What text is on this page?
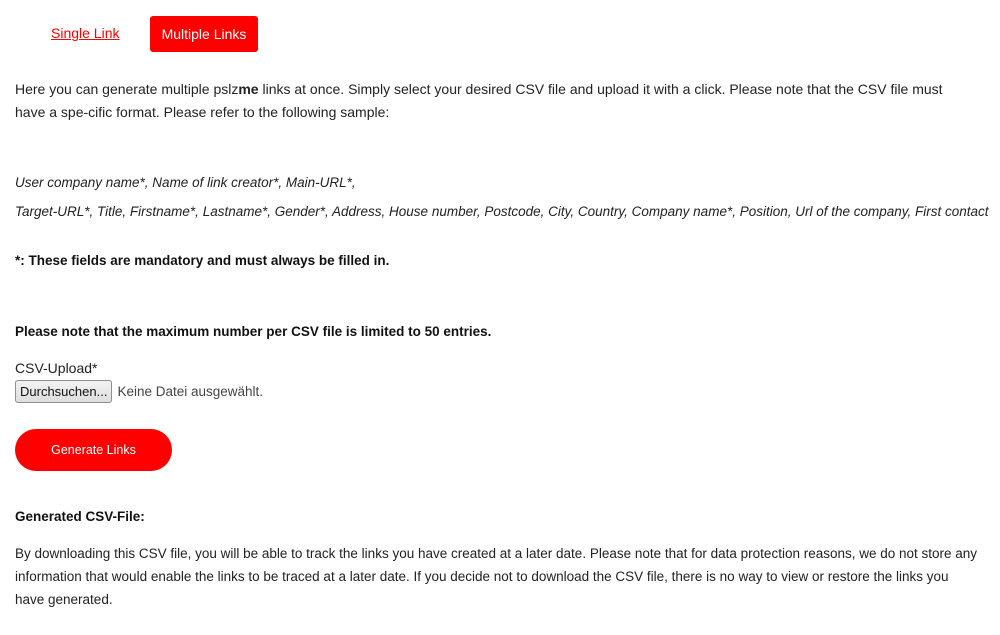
Single Link	Multiple Links

Here you can generate multiple pslzme links at once. Simply select your desired CSV file and upload it with a click. Please note that the CSV file must have a spe-cific format. Please refer to the following sample:

User company name*, Name of link creator*, Main-URL*,
Target-URL*, Title, Firstname*, Lastname*, Gender*, Address, House number, Postcode, City, Country, Company name*, Position, Url of the company, First contact
*: These fields are mandatory and must always be filled in.
Please note that the maximum number per CSV file is limited to 50 entries.
CSV-Upload*
Durchsuchen... Keine Datei ausgewählt.
Generate Links
Generated CSV-File:

By downloading this CSV file, you will be able to track the links you have created at a later date. Please note that for data protection reasons, we do not store any information that would enable the links to be traced at a later date. If you decide not to download the CSV file, there is no way to view or restore the links you have generated.
